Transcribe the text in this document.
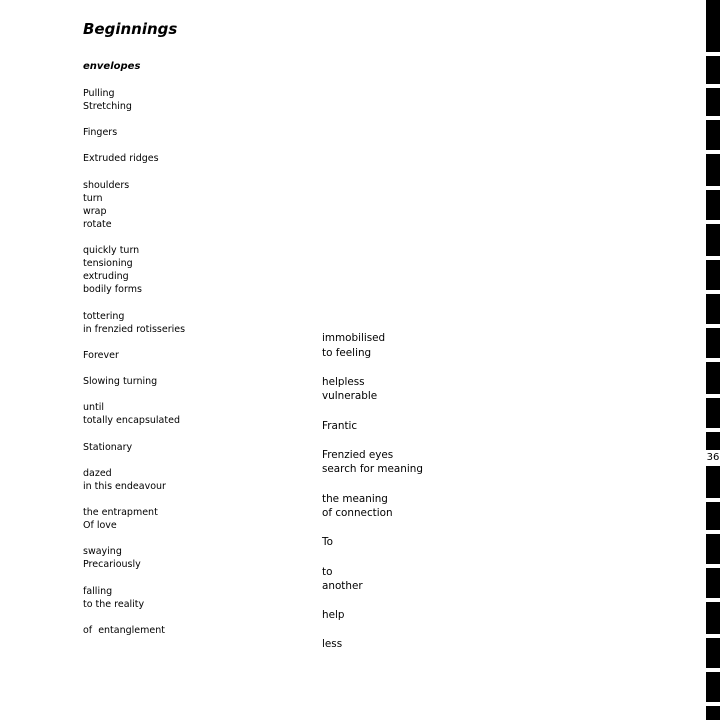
Beginnings
envelopes
Pulling
Stretching
Fingers
Extruded ridges
shoulders
turn
wrap
rotate
quickly turn
tensioning
extruding
bodily forms
tottering
in frenzied rotisseries
Forever
Slowing turning
until
totally encapsulated
Stationary
dazed
in this endeavour
the entrapment
Of love
swaying
Precariously
falling
to the reality
of  entanglement
immobilised
to feeling
helpless
vulnerable
Frantic
Frenzied eyes
search for meaning
the meaning
of connection
To
to
another
help
less
36
